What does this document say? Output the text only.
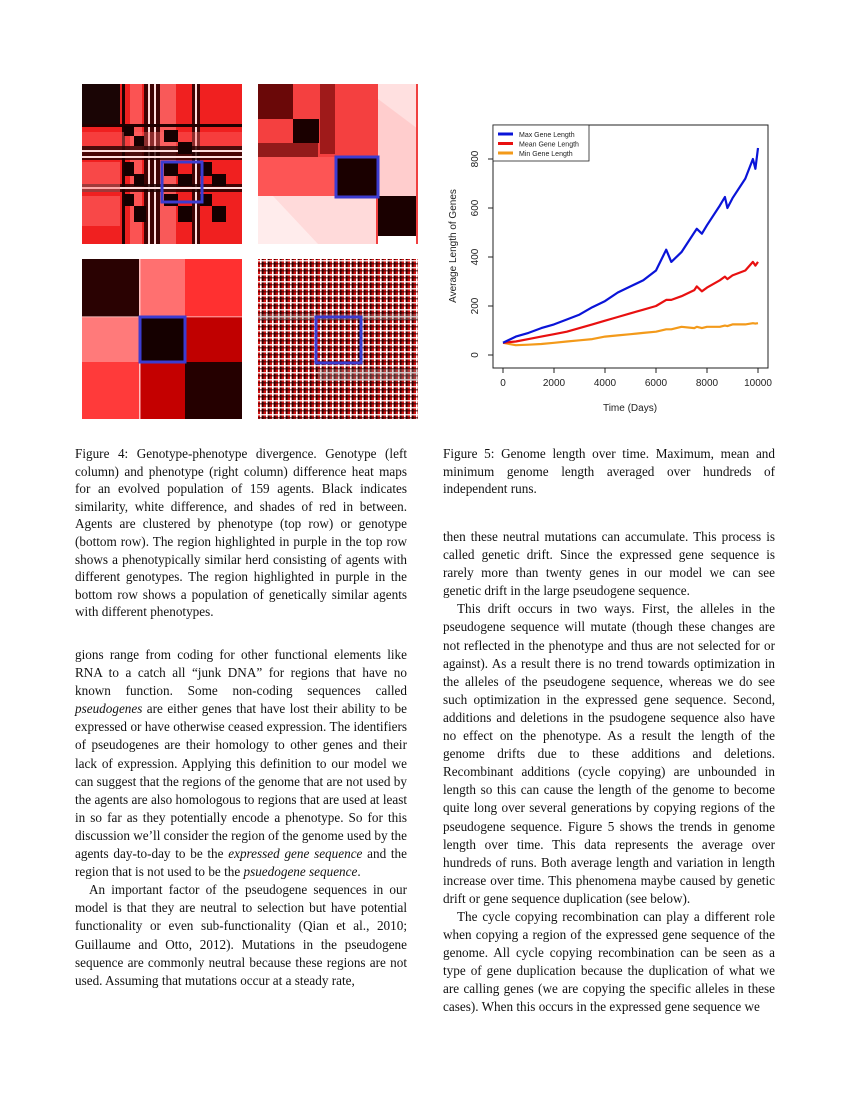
0	2000	4000	6000	8000	10000
0
200
400
600
800
Time (Days)
Average Length of Genes
Max Gene Length
Mean Gene Length
Min Gene Length
Figure 4: Genotype-phenotype divergence. Genotype (left column) and phenotype (right column) difference heat maps for an evolved population of 159 agents. Black indicates similarity, white difference, and shades of red in between. Agents are clustered by phenotype (top row) or genotype (bottom row). The region highlighted in purple in the top row shows a phenotypically similar herd consisting of agents with different genotypes. The region highlighted in purple in the bottom row shows a population of genetically similar agents with different phenotypes.
Figure 5: Genome length over time. Maximum, mean and minimum genome length averaged over hundreds of independent runs.

gions range from coding for other functional elements like RNA to a catch all “junk DNA” for regions that have no known function. Some non-coding sequences called pseudogenes are either genes that have lost their ability to be expressed or have otherwise ceased expression. The identifiers of pseudogenes are their homology to other genes and their lack of expression. Applying this definition to our model we can suggest that the regions of the genome that are not used by the agents are also homologous to regions that are used at least in so far as they potentially encode a phenotype. So for this discussion we’ll consider the region of the genome used by the agents day-to-day to be the expressed gene sequence and the region that is not used to be the psuedogene sequence.

An important factor of the pseudogene sequences in our model is that they are neutral to selection but have potential functionality or even sub-functionality (Qian et al., 2010; Guillaume and Otto, 2012). Mutations in the pseudogene sequence are commonly neutral because these regions are not used. Assuming that mutations occur at a steady rate,

then these neutral mutations can accumulate. This process is called genetic drift. Since the expressed gene sequence is rarely more than twenty genes in our model we can see genetic drift in the large pseudogene sequence.

This drift occurs in two ways. First, the alleles in the pseudogene sequence will mutate (though these changes are not reflected in the phenotype and thus are not selected for or against). As a result there is no trend towards optimization in the alleles of the pseudogene sequence, whereas we do see such optimization in the expressed gene sequence. Second, additions and deletions in the psudogene sequence also have no effect on the phenotype. As a result the length of the genome drifts due to these additions and deletions. Recombinant additions (cycle copying) are unbounded in length so this can cause the length of the genome to become quite long over several generations by copying regions of the pseudogene sequence. Figure 5 shows the trends in genome length over time. This data represents the average over hundreds of runs. Both average length and variation in length increase over time. This phenomena maybe caused by genetic drift or gene sequence duplication (see below).

The cycle copying recombination can play a different role when copying a region of the expressed gene sequence of the genome. All cycle copying recombination can be seen as a type of gene duplication because the duplication of what we are calling genes (we are copying the specific alleles in these cases). When this occurs in the expressed gene sequence we
